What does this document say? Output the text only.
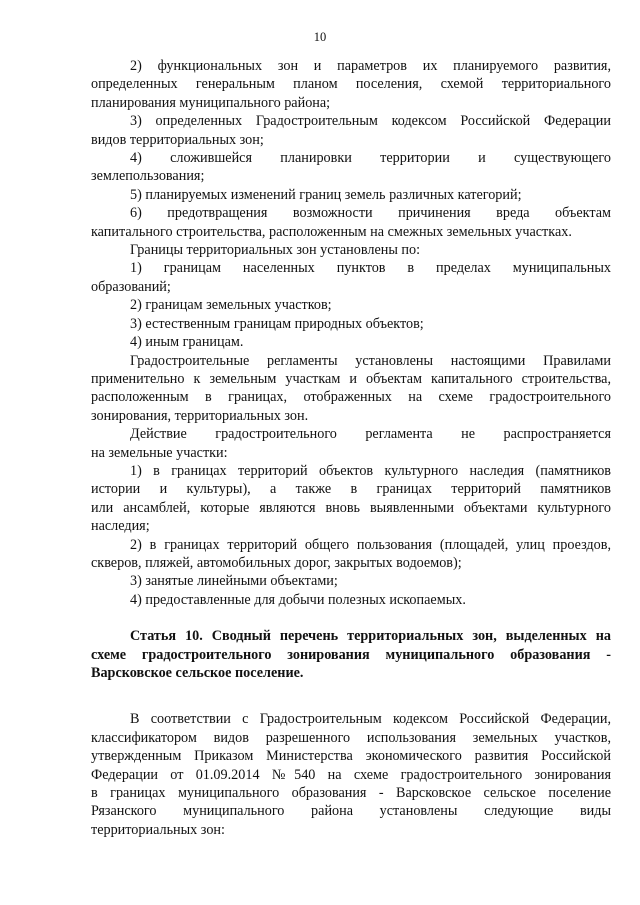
10

2) функциональных зон и параметров их планируемого развития,
определенных генеральным планом поселения, схемой территориального
планирования муниципального района;

3) определенных Градостроительным кодексом Российской Федерации
видов территориальных зон;

4) сложившейся планировки территории и существующего
землепользования;

5) планируемых изменений границ земель различных категорий;

6) предотвращения возможности причинения вреда объектам
капитального строительства, расположенным на смежных земельных участках.

Границы территориальных зон установлены по:

1) границам населенных пунктов в пределах муниципальных
образований;

2) границам земельных участков;

3) естественным границам природных объектов;

4) иным границам.

Градостроительные регламенты установлены настоящими Правилами
применительно к земельным участкам и объектам капитального строительства,
расположенным в границах, отображенных на схеме градостроительного
зонирования, территориальных зон.

Действие градостроительного регламента не распространяется
на земельные участки:

1) в границах территорий объектов культурного наследия (памятников
истории и культуры), а также в границах территорий памятников
или ансамблей, которые являются вновь выявленными объектами культурного
наследия;

2) в границах территорий общего пользования (площадей, улиц проездов,
скверов, пляжей, автомобильных дорог, закрытых водоемов);

3) занятые линейными объектами;

4) предоставленные для добычи полезных ископаемых.

Статья 10. Сводный перечень территориальных зон, выделенных на
схеме градостроительного зонирования муниципального образования -
Варсковское сельское поселение.

В соответствии с Градостроительным кодексом Российской Федерации,
классификатором видов разрешенного использования земельных участков,
утвержденным Приказом Министерства экономического развития Российской
Федерации от 01.09.2014 №540 на схеме градостроительного зонирования
в границах муниципального образования - Варсковское сельское поселение
Рязанского муниципального района установлены следующие виды
территориальных зон:
